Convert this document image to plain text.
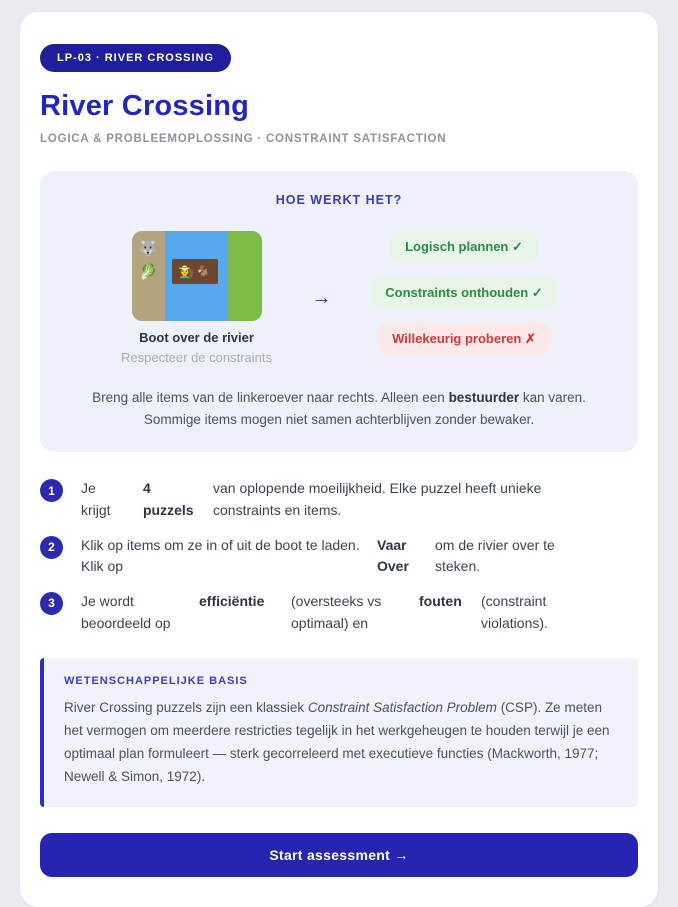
LP-03 · RIVER CROSSING
River Crossing
LOGICA & PROBLEEMOPLOSSING · CONSTRAINT SATISFACTION
HOE WERKT HET?
🐺
🥬 🧑‍🌾 🐐
Boot over de rivier
Respecteer de constraints
→
Logisch plannen ✓
Constraints onthouden ✓
Willekeurig proberen ✗
Breng alle items van de linkeroever naar rechts. Alleen een bestuurder kan varen. Sommige items mogen niet samen achterblijven zonder bewaker.
1	Je krijgt
4 puzzels
van oplopende moeilijkheid. Elke puzzel heeft unieke constraints en items.
2	Klik op items om ze in of uit de boot te laden. Klik op
Vaar Over
om de rivier over te steken.
3	Je wordt beoordeeld op
efficiëntie	(oversteeks vs optimaal) en
fouten	(constraint violations).
WETENSCHAPPELIJKE BASIS
River Crossing puzzels zijn een klassiek Constraint Satisfaction Problem (CSP). Ze meten het vermogen om meerdere restricties tegelijk in het werkgeheugen te houden terwijl je een optimaal plan formuleert — sterk gecorreleerd met executieve functies (Mackworth, 1977; Newell & Simon, 1972).
Start assessment →
